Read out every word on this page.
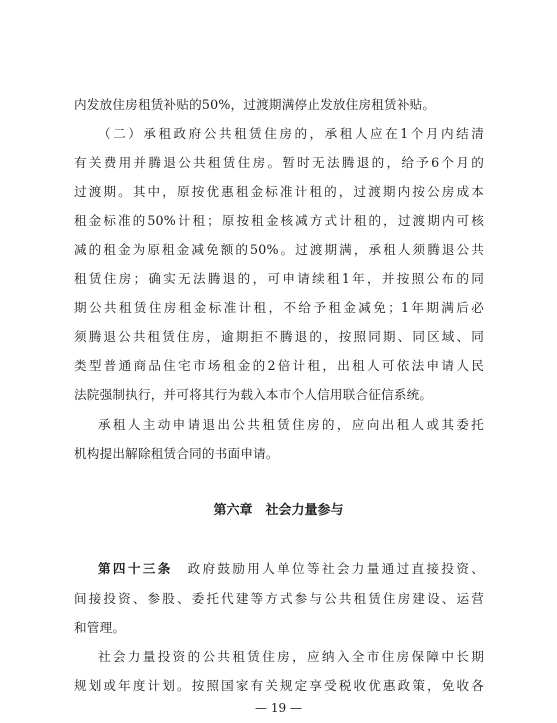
内发放住房租赁补贴的50%，过渡期满停止发放住房租赁补贴。
（二）承租政府公共租赁住房的，承租人应在1个月内结清
有关费用并腾退公共租赁住房。暂时无法腾退的，给予6个月的
过渡期。其中，原按优惠租金标准计租的，过渡期内按公房成本
租金标准的50%计租；原按租金核减方式计租的，过渡期内可核
减的租金为原租金减免额的50%。过渡期满，承租人须腾退公共
租赁住房；确实无法腾退的，可申请续租1年，并按照公布的同
期公共租赁住房租金标准计租，不给予租金减免；1年期满后必
须腾退公共租赁住房，逾期拒不腾退的，按照同期、同区域、同
类型普通商品住宅市场租金的2倍计租，出租人可依法申请人民
法院强制执行，并可将其行为载入本市个人信用联合征信系统。
承租人主动申请退出公共租赁住房的，应向出租人或其委托
机构提出解除租赁合同的书面申请。
第六章　社会力量参与
第四十三条　 政府鼓励用人单位等社会力量通过直接投资、
间接投资、参股、委托代建等方式参与公共租赁住房建设、运营
和管理。
社会力量投资的公共租赁住房，应纳入全市住房保障中长期
规划或年度计划。按照国家有关规定享受税收优惠政策，免收各
— 19 —
